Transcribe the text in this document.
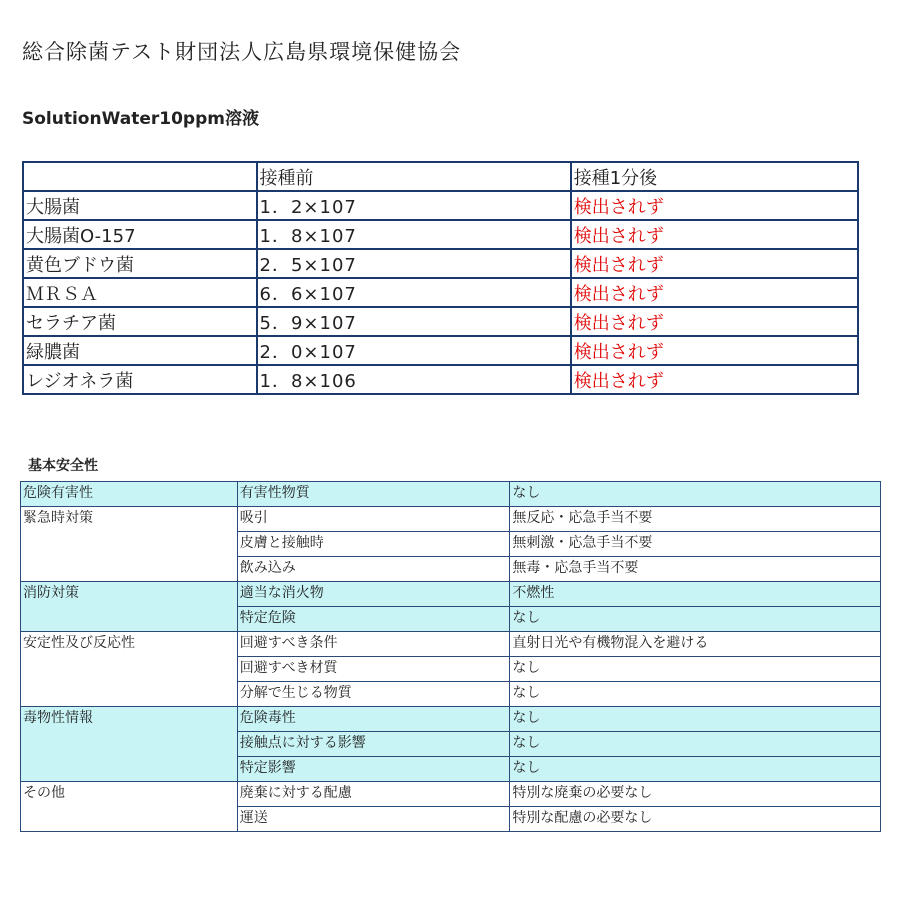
総合除菌テスト財団法人広島県環境保健協会
SolutionWater10ppm溶液
	接種前	接種1分後
大腸菌	1．2×107	検出されず
大腸菌O-157	1．8×107	検出されず
黄色ブドウ菌	2．5×107	検出されず
ＭＲＳＡ	6．6×107	検出されず
セラチア菌	5．9×107	検出されず
緑膿菌	2．0×107	検出されず
レジオネラ菌	1．8×106	検出されず
基本安全性
危険有害性	有害性物質	なし
緊急時対策	吸引	無反応・応急手当不要
	皮膚と接触時	無刺激・応急手当不要
	飲み込み	無毒・応急手当不要
消防対策	適当な消火物	不燃性
	特定危険	なし
安定性及び反応性	回避すべき条件	直射日光や有機物混入を避ける
	回避すべき材質	なし
	分解で生じる物質	なし
毒物性情報	危険毒性	なし
	接触点に対する影響	なし
	特定影響	なし
その他	廃棄に対する配慮	特別な廃棄の必要なし
	運送	特別な配慮の必要なし
